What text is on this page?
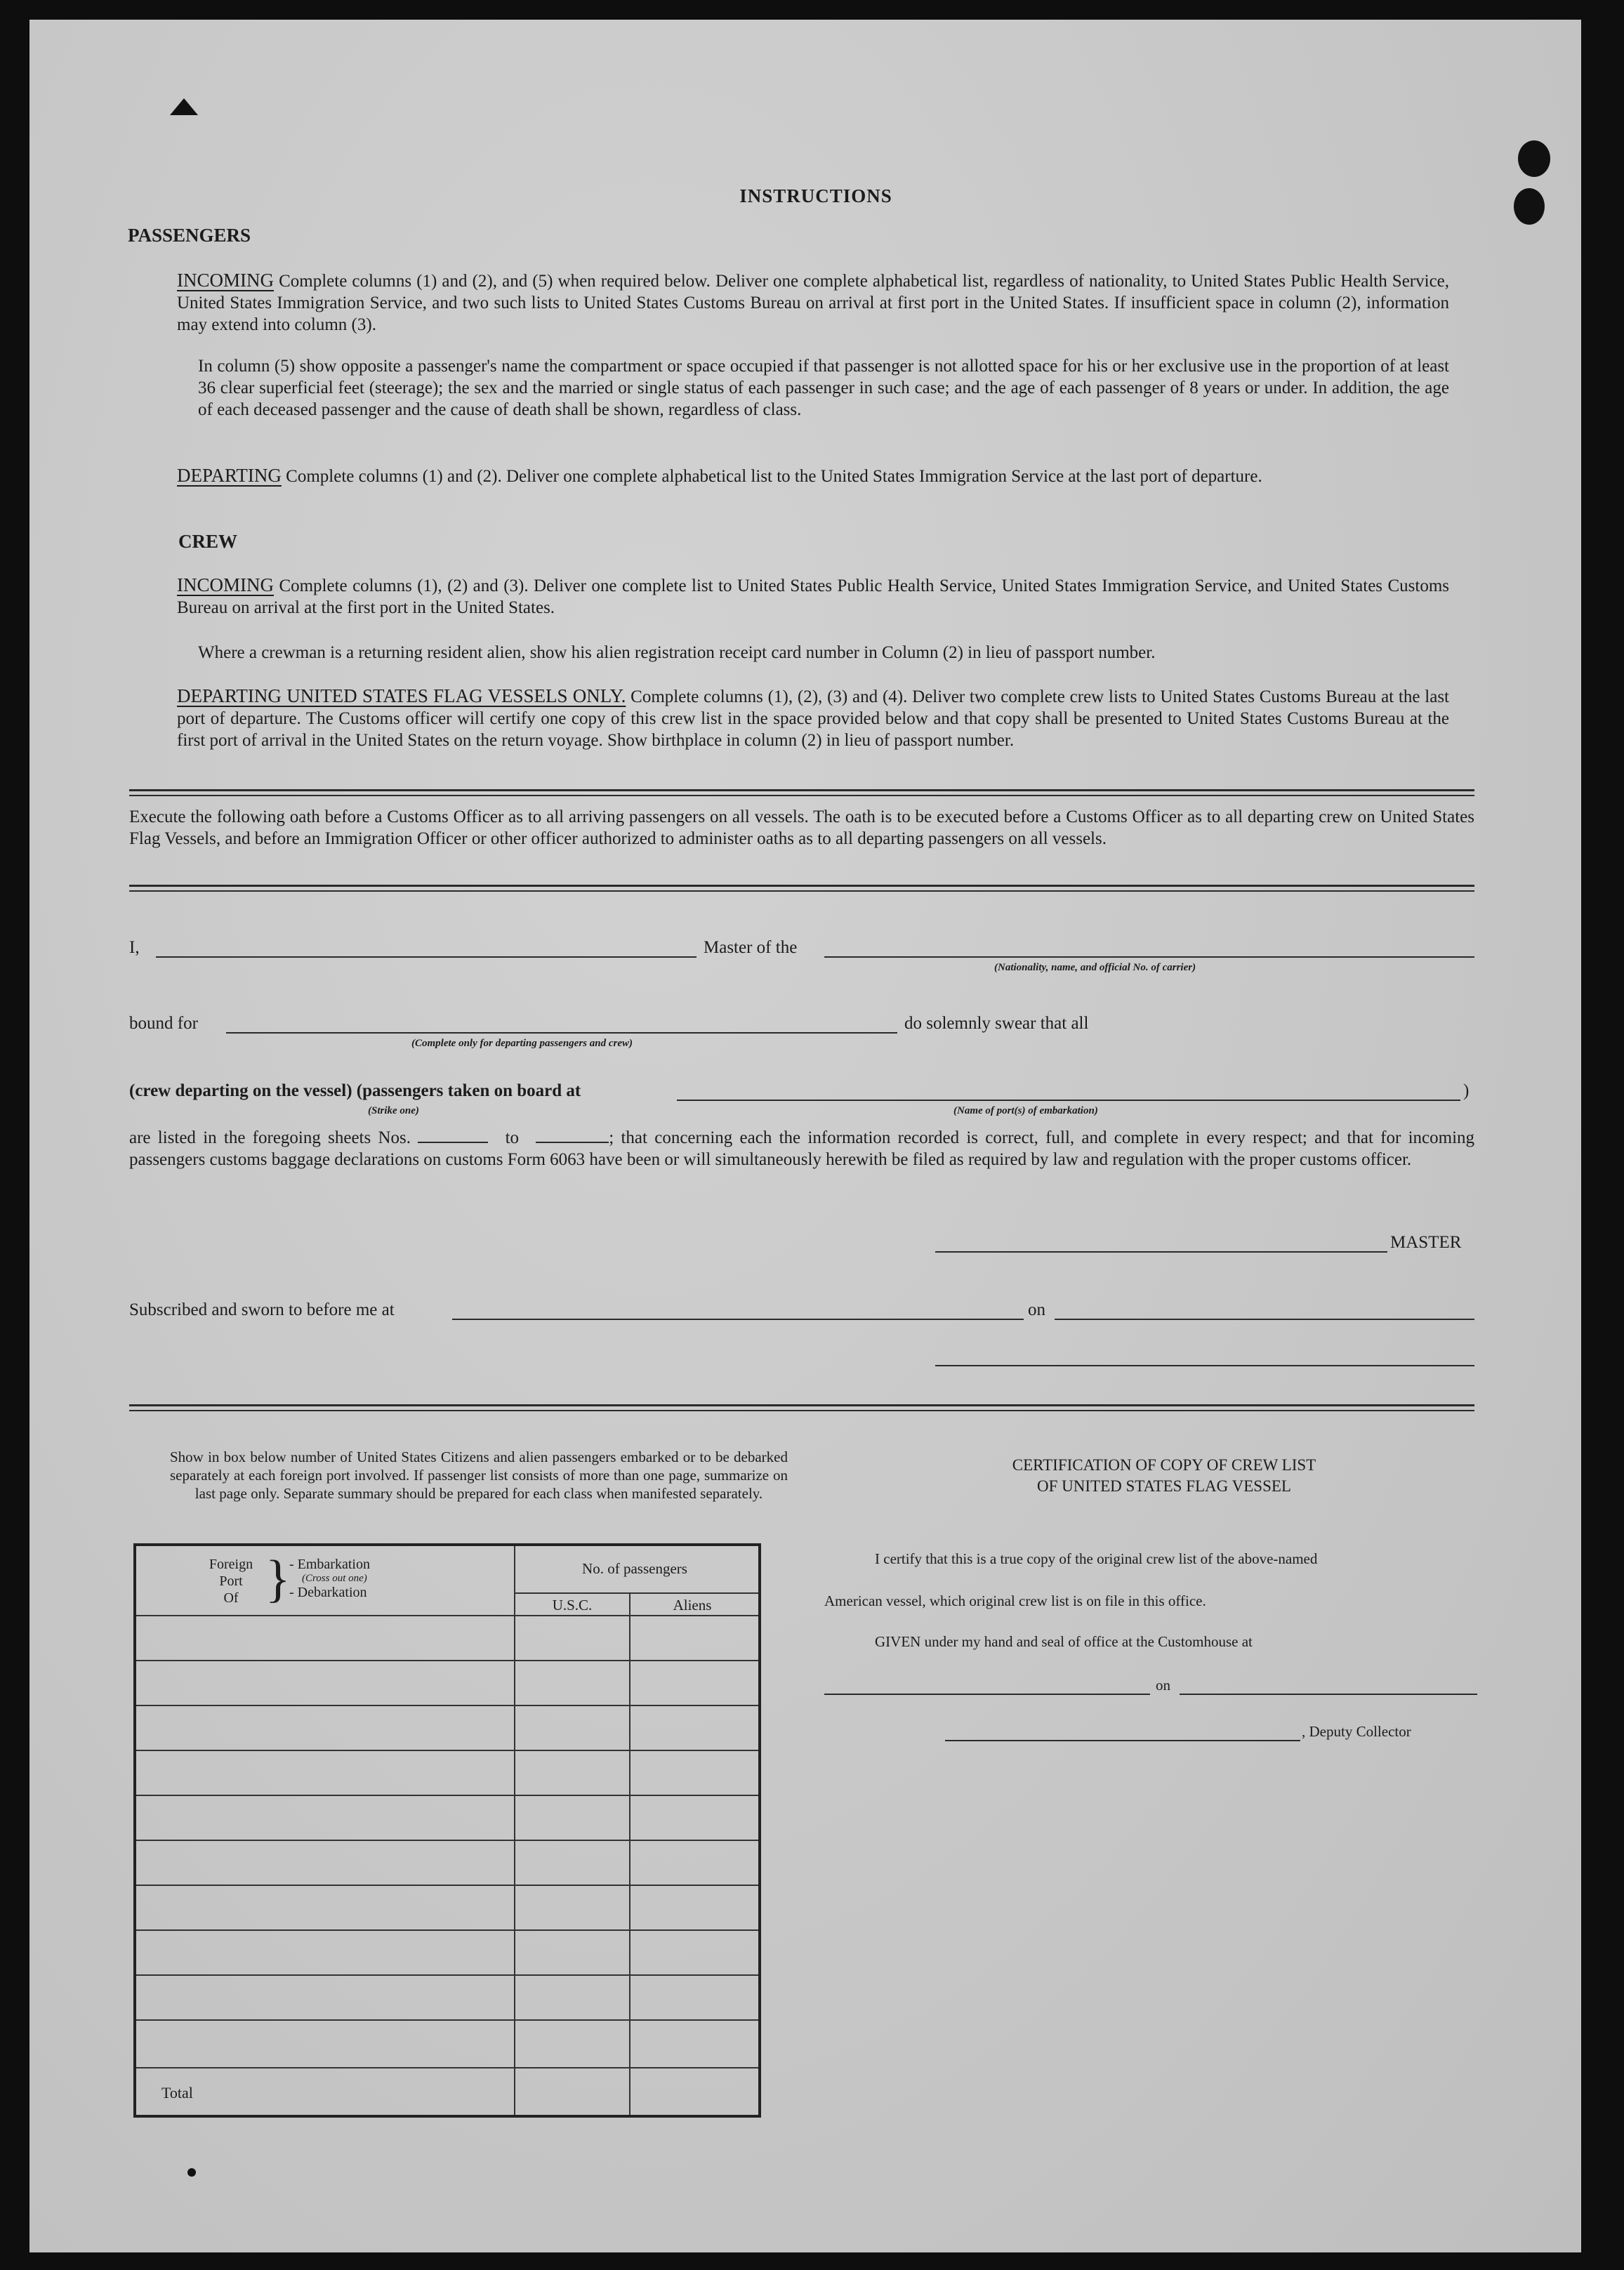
INSTRUCTIONS
PASSENGERS
INCOMING Complete columns (1) and (2), and (5) when required below. Deliver one complete alphabetical list, regardless of nationality, to United States Public Health Service, United States Immigration Service, and two such lists to United States Customs Bureau on arrival at first port in the United States. If insufficient space in column (2), information may extend into column (3).
In column (5) show opposite a passenger's name the compartment or space occupied if that passenger is not allotted space for his or her exclusive use in the proportion of at least 36 clear superficial feet (steerage); the sex and the married or single status of each passenger in such case; and the age of each passenger of 8 years or under. In addition, the age of each deceased passenger and the cause of death shall be shown, regardless of class.
DEPARTING Complete columns (1) and (2). Deliver one complete alphabetical list to the United States Immigration Service at the last port of departure.
CREW
INCOMING Complete columns (1), (2) and (3). Deliver one complete list to United States Public Health Service, United States Immigration Service, and United States Customs Bureau on arrival at the first port in the United States.
Where a crewman is a returning resident alien, show his alien registration receipt card number in Column (2) in lieu of passport number.
DEPARTING UNITED STATES FLAG VESSELS ONLY. Complete columns (1), (2), (3) and (4). Deliver two complete crew lists to United States Customs Bureau at the last port of departure. The Customs officer will certify one copy of this crew list in the space provided below and that copy shall be presented to United States Customs Bureau at the first port of arrival in the United States on the return voyage. Show birthplace in column (2) in lieu of passport number.
Execute the following oath before a Customs Officer as to all arriving passengers on all vessels. The oath is to be executed before a Customs Officer as to all departing crew on United States Flag Vessels, and before an Immigration Officer or other officer authorized to administer oaths as to all departing passengers on all vessels.
I,	Master of the
(Nationality, name, and official No. of carrier)
bound for
(Complete only for departing passengers and crew)
do solemnly swear that all
(crew departing on the vessel) (passengers taken on board at	)
(Strike one)	(Name of port(s) of embarkation)
are listed in the foregoing sheets Nos.	to	; that concerning each the information recorded is correct, full, and complete in every respect; and that for incoming passengers customs baggage declarations on customs Form 6063 have been or will simultaneously herewith be filed as required by law and regulation with the proper customs officer.
MASTER
Subscribed and sworn to before me at	on
Show in box below number of United States Citizens and alien passengers embarked or to be debarked separately at each foreign port involved. If passenger list consists of more than one page, summarize on last page only. Separate summary should be prepared for each class when manifested separately.
Foreign
Port
Of }
- Embarkation
(Cross out one)
- Debarkation
No. of passengers
U.S.C.	Aliens
Total
CERTIFICATION OF COPY OF CREW LIST
OF UNITED STATES FLAG VESSEL
I certify that this is a true copy of the original crew list of the above-named
American vessel, which original crew list is on file in this office.
GIVEN under my hand and seal of office at the Customhouse at
on
, Deputy Collector
